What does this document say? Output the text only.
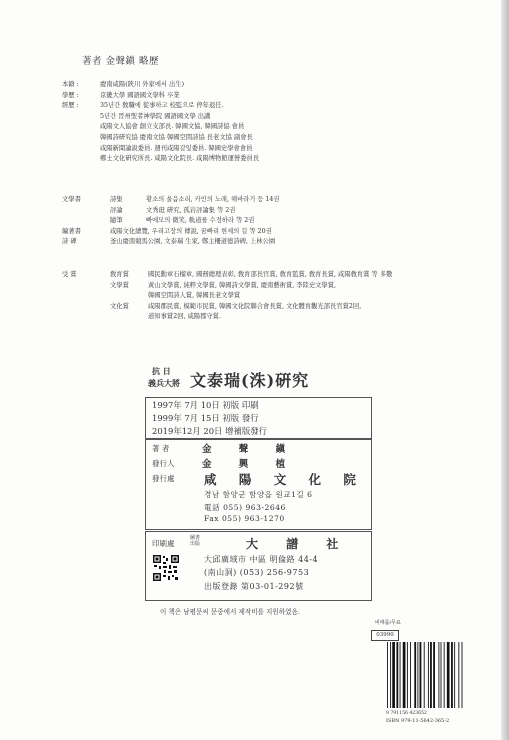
著者 金聲鎭 略歷
本籍 :	慶南咸陽(陝川 外家에서 出生)
學歷 :	京畿大學 國語國文學科 卒業
經歷 :	35년간 敎職에 從事하고 校監으로 停年退任.
5년간 晉州聖者神學院 國語國文學 出講
咸陽文人協會 創立支部長. 韓國文協, 韓國詩協 會員
韓國詩硏究協 慶南文協 韓國空間詩協 長老文協 副會長
咸陽新聞論說委員. 週刊咸陽갈잎委員. 韓國史學會會員
鄕土文化硏究所長. 咸陽文化院長. 咸陽博物館運營委員長
文學書	詩集	황소의 울음소리, 카인의 노래, 해바라기 등 14권
評論	文秀珽 硏究, 孤岩評論集 等 2권
隨筆	빠에모의 微笑, 軌道를 수정하라 等 2권
編著書	咸陽文化總覽, 우리고장의 傳說, 꿈빠리 현세의 길 等 20권
詩 碑	釜山慶南競馬公園, 文泰瑞 生家, 鄭主柵道德詩碑, 上林公園
受 賞	敎育賞	國民勳章石榴章, 國務總理表彰, 敎育部長官賞, 敎育監賞, 敎育長賞, 咸陽敎育賞 等 多數
文學賞	黃山文學賞, 純粹文學賞, 韓國詩文學賞, 慶南藝術賞, 李陸史文學賞,
韓國空間詩人賞, 韓國長老文學賞
文化賞	咸陽郡民賞, 模範市民賞, 韓國文化院聯合會長賞, 文化體育觀光部長官賞2回,
道知事賞2回, 咸陽郡守賞.
抗 日
義兵大將 文泰瑞(洙)硏究
1997年 7月 10日 初版 印刷
1999年 7月 15日 初版 發行
2019年12月 20日 增補版發行
著 者	金 聲 鎭
發行人	金 興 植
發行處 咸 陽 文 化 院
경남 함양군 함양읍 원교1길 6
電話 055) 963-2646
Fax 055) 963-1270
印刷處
圖書出版	大 譜 社
大邱廣域市 中區 明倫路 44-4
(南山洞) (053) 256-9753
出版登錄 第03-01-292號
이 책은 남평문씨 문중에서 제작비를 지원하였음.
비매품/무료
03990
9 791156 423652
ISBN 979-11-5642-365-2
